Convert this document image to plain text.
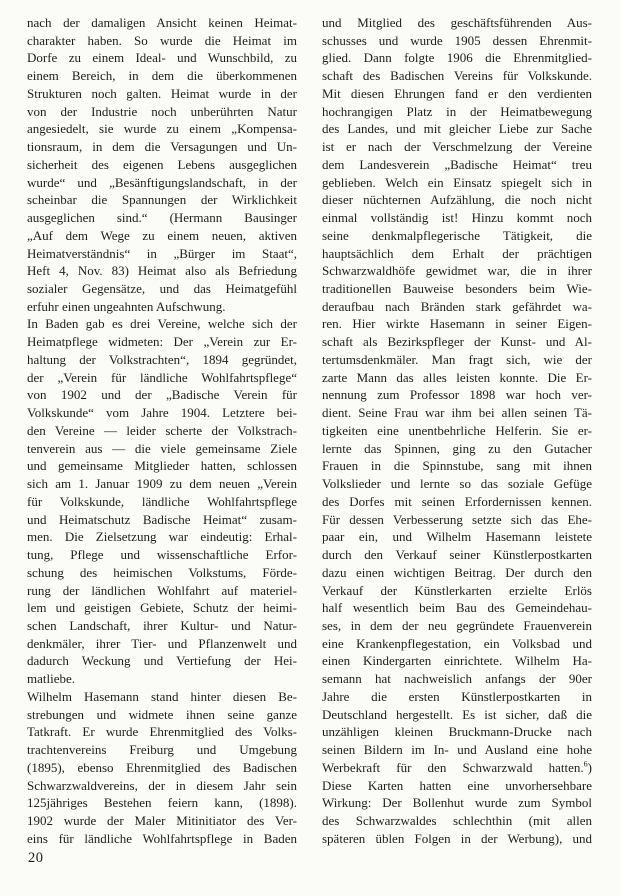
nach der damaligen Ansicht keinen Heimat-
charakter haben. So wurde die Heimat im
Dorfe zu einem Ideal- und Wunschbild, zu
einem Bereich, in dem die überkommenen
Strukturen noch galten. Heimat wurde in der
von der Industrie noch unberührten Natur
angesiedelt, sie wurde zu einem „Kompensa-
tionsraum, in dem die Versagungen und Un-
sicherheit des eigenen Lebens ausgeglichen
wurde“ und „Besänftigungslandschaft, in der
scheinbar die Spannungen der Wirklichkeit
ausgeglichen sind.“ (Hermann Bausinger
„Auf dem Wege zu einem neuen, aktiven
Heimatverständnis“ in „Bürger im Staat“,
Heft 4, Nov. 83) Heimat also als Befriedung
sozialer Gegensätze, und das Heimatgefühl
erfuhr einen ungeahnten Aufschwung.
In Baden gab es drei Vereine, welche sich der
Heimatpflege widmeten: Der „Verein zur Er-
haltung der Volkstrachten“, 1894 gegründet,
der „Verein für ländliche Wohlfahrtspflege“
von 1902 und der „Badische Verein für
Volkskunde“ vom Jahre 1904. Letztere bei-
den Vereine — leider scherte der Volkstrach-
tenverein aus — die viele gemeinsame Ziele
und gemeinsame Mitglieder hatten, schlossen
sich am 1. Januar 1909 zu dem neuen „Verein
für Volkskunde, ländliche Wohlfahrtspflege
und Heimatschutz Badische Heimat“ zusam-
men. Die Zielsetzung war eindeutig: Erhal-
tung, Pflege und wissenschaftliche Erfor-
schung des heimischen Volkstums, Förde-
rung der ländlichen Wohlfahrt auf materiel-
lem und geistigen Gebiete, Schutz der heimi-
schen Landschaft, ihrer Kultur- und Natur-
denkmäler, ihrer Tier- und Pflanzenwelt und
dadurch Weckung und Vertiefung der Hei-
matliebe.
Wilhelm Hasemann stand hinter diesen Be-
strebungen und widmete ihnen seine ganze
Tatkraft. Er wurde Ehrenmitglied des Volks-
trachtenvereins Freiburg und Umgebung
(1895), ebenso Ehrenmitglied des Badischen
Schwarzwaldvereins, der in diesem Jahr sein
125jähriges Bestehen feiern kann, (1898).
1902 wurde der Maler Mitinitiator des Ver-
eins für ländliche Wohlfahrtspflege in Baden
und Mitglied des geschäftsführenden Aus-
schusses und wurde 1905 dessen Ehrenmit-
glied. Dann folgte 1906 die Ehrenmitglied-
schaft des Badischen Vereins für Volkskunde.
Mit diesen Ehrungen fand er den verdienten
hochrangigen Platz in der Heimatbewegung
des Landes, und mit gleicher Liebe zur Sache
ist er nach der Verschmelzung der Vereine
dem Landesverein „Badische Heimat“ treu
geblieben. Welch ein Einsatz spiegelt sich in
dieser nüchternen Aufzählung, die noch nicht
einmal vollständig ist! Hinzu kommt noch
seine denkmalpflegerische Tätigkeit, die
hauptsächlich dem Erhalt der prächtigen
Schwarzwaldhöfe gewidmet war, die in ihrer
traditionellen Bauweise besonders beim Wie-
deraufbau nach Bränden stark gefährdet wa-
ren. Hier wirkte Hasemann in seiner Eigen-
schaft als Bezirkspfleger der Kunst- und Al-
tertumsdenkmäler. Man fragt sich, wie der
zarte Mann das alles leisten konnte. Die Er-
nennung zum Professor 1898 war hoch ver-
dient. Seine Frau war ihm bei allen seinen Tä-
tigkeiten eine unentbehrliche Helferin. Sie er-
lernte das Spinnen, ging zu den Gutacher
Frauen in die Spinnstube, sang mit ihnen
Volkslieder und lernte so das soziale Gefüge
des Dorfes mit seinen Erfordernissen kennen.
Für dessen Verbesserung setzte sich das Ehe-
paar ein, und Wilhelm Hasemann leistete
durch den Verkauf seiner Künstlerpostkarten
dazu einen wichtigen Beitrag. Der durch den
Verkauf der Künstlerkarten erzielte Erlös
half wesentlich beim Bau des Gemeindehau-
ses, in dem der neu gegründete Frauenverein
eine Krankenpflegestation, ein Volksbad und
einen Kindergarten einrichtete. Wilhelm Ha-
semann hat nachweislich anfangs der 90er
Jahre die ersten Künstlerpostkarten in
Deutschland hergestellt. Es ist sicher, daß die
unzähligen kleinen Bruckmann-Drucke nach
seinen Bildern im In- und Ausland eine hohe
Werbekraft für den Schwarzwald hatten.$^6$)
Diese Karten hatten eine unvorhersehbare
Wirkung: Der Bollenhut wurde zum Symbol
des Schwarzwaldes schlechthin (mit allen
späteren üblen Folgen in der Werbung), und
20
